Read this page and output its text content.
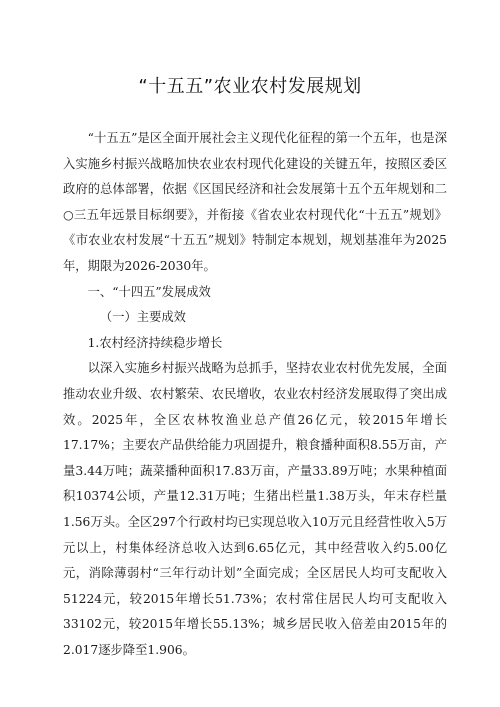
“十五五”农业农村发展规划

“十五五”是区全面开展社会主义现代化征程的第一个五年，也是深入实施乡村振兴战略加快农业农村现代化建设的关键五年，按照区委区政府的总体部署，依据《区国民经济和社会发展第十五个五年规划和二○三五年远景目标纲要》，并衔接《省农业农村现代化“十五五”规划》《市农业农村发展“十五五”规划》特制定本规划，规划基准年为2025年，期限为2026-2030年。

一、“十四五”发展成效

（一）主要成效

1.农村经济持续稳步增长

以深入实施乡村振兴战略为总抓手，坚持农业农村优先发展，全面推动农业升级、农村繁荣、农民增收，农业农村经济发展取得了突出成效。2025年，全区农林牧渔业总产值26亿元，较2015年增长17.17%；主要农产品供给能力巩固提升，粮食播种面积8.55万亩，产量3.44万吨；蔬菜播种面积17.83万亩，产量33.89万吨；水果种植面积10374公顷，产量12.31万吨；生猪出栏量1.38万头，年末存栏量1.56万头。全区297个行政村均已实现总收入10万元且经营性收入5万元以上，村集体经济总收入达到6.65亿元，其中经营收入约5.00亿元，消除薄弱村“三年行动计划”全面完成；全区居民人均可支配收入51224元，较2015年增长51.73%；农村常住居民人均可支配收入33102元，较2015年增长55.13%；城乡居民收入倍差由2015年的2.017逐步降至1.906。
